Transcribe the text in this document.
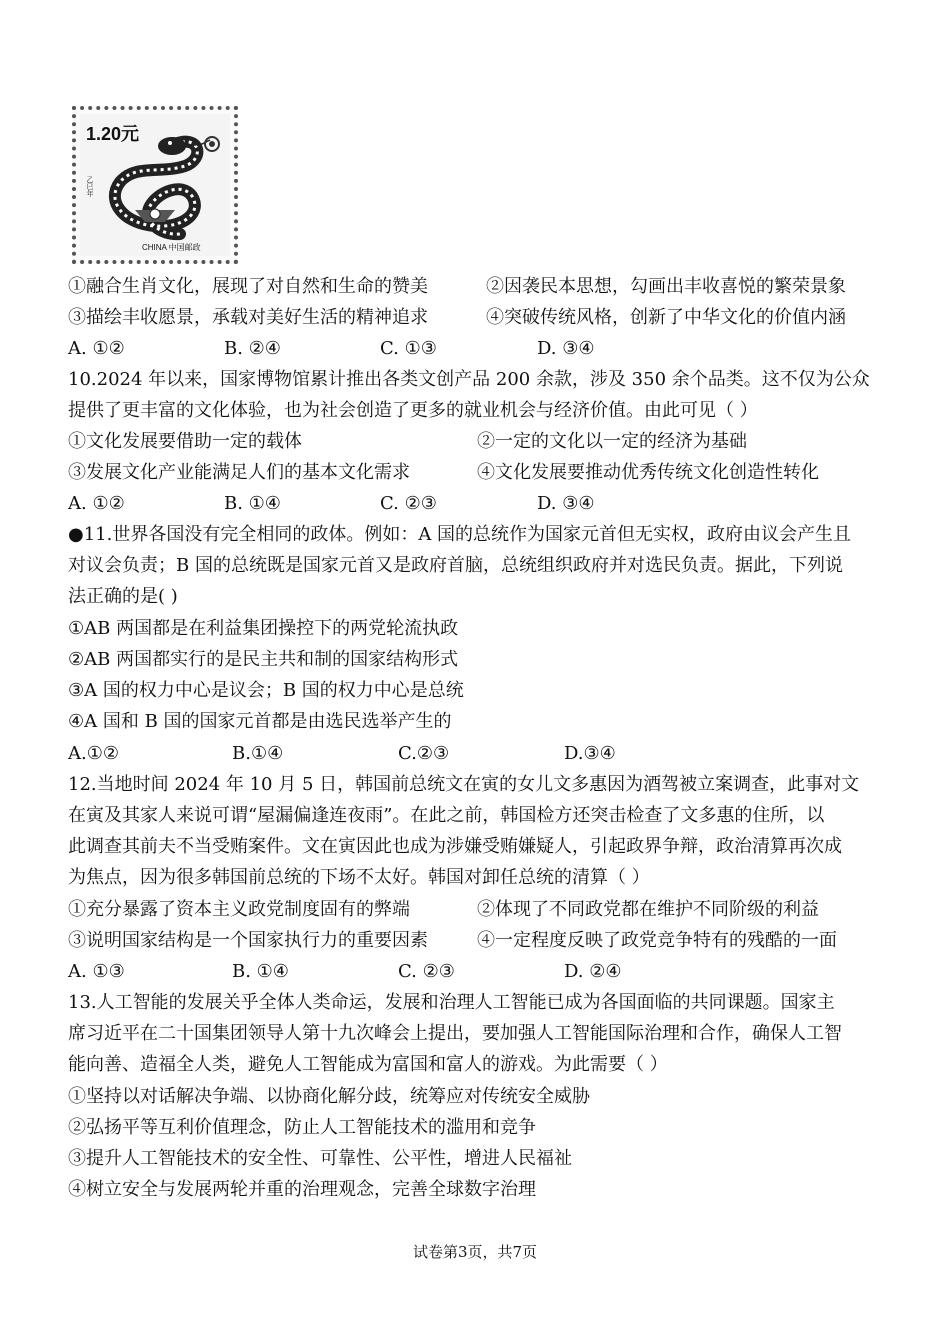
1.20元
乙巳年
CHINA 中国邮政
①融合生肖文化，展现了对自然和生命的赞美	②因袭民本思想，勾画出丰收喜悦的繁荣景象
③描绘丰收愿景，承载对美好生活的精神追求	④突破传统风格，创新了中华文化的价值内涵
A. ①②	B. ②④	C. ①③	D. ③④
10.2024 年以来，国家博物馆累计推出各类文创产品 200 余款，涉及 350 余个品类。这不仅为公众
提供了更丰富的文化体验，也为社会创造了更多的就业机会与经济价值。由此可见（ ）
①文化发展要借助一定的载体	②一定的文化以一定的经济为基础
③发展文化产业能满足人们的基本文化需求	④文化发展要推动优秀传统文化创造性转化
A. ①②	B. ①④	C. ②③	D. ③④
●11.世界各国没有完全相同的政体。例如：A 国的总统作为国家元首但无实权，政府由议会产生且
对议会负责；B 国的总统既是国家元首又是政府首脑，总统组织政府并对选民负责。据此，下列说
法正确的是( )
①AB 两国都是在利益集团操控下的两党轮流执政
②AB 两国都实行的是民主共和制的国家结构形式
③A 国的权力中心是议会；B 国的权力中心是总统
④A 国和 B 国的国家元首都是由选民选举产生的
A.①②	B.①④	C.②③	D.③④
12.当地时间 2024 年 10 月 5 日，韩国前总统文在寅的女儿文多惠因为酒驾被立案调查，此事对文
在寅及其家人来说可谓“屋漏偏逢连夜雨”。在此之前，韩国检方还突击检查了文多惠的住所，以
此调查其前夫不当受贿案件。文在寅因此也成为涉嫌受贿嫌疑人，引起政界争辩，政治清算再次成
为焦点，因为很多韩国前总统的下场不太好。韩国对卸任总统的清算（ ）
①充分暴露了资本主义政党制度固有的弊端	②体现了不同政党都在维护不同阶级的利益
③说明国家结构是一个国家执行力的重要因素	④一定程度反映了政党竞争特有的残酷的一面
A. ①③	B. ①④	C. ②③	D. ②④
13.人工智能的发展关乎全体人类命运，发展和治理人工智能已成为各国面临的共同课题。国家主
席习近平在二十国集团领导人第十九次峰会上提出，要加强人工智能国际治理和合作，确保人工智
能向善、造福全人类，避免人工智能成为富国和富人的游戏。为此需要（ ）
①坚持以对话解决争端、以协商化解分歧，统筹应对传统安全威胁
②弘扬平等互利价值理念，防止人工智能技术的滥用和竞争
③提升人工智能技术的安全性、可靠性、公平性，增进人民福祉
④树立安全与发展两轮并重的治理观念，完善全球数字治理
试卷第3页，共7页
